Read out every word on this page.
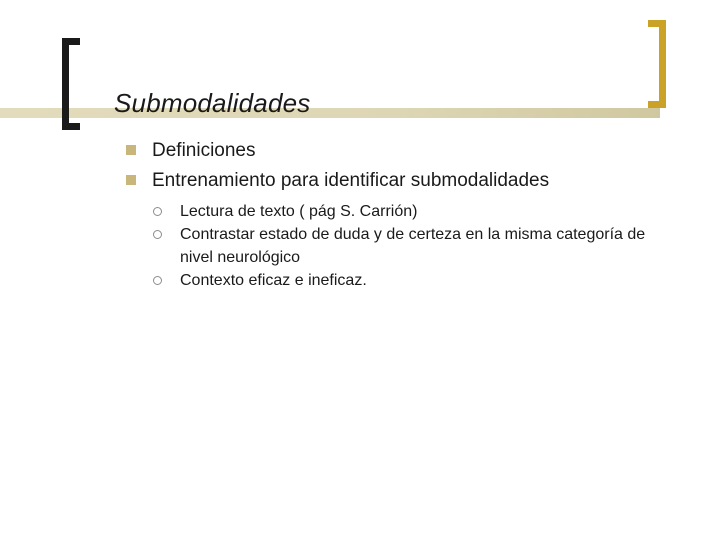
Submodalidades
Definiciones
Entrenamiento para identificar submodalidades
Lectura de texto ( pág S. Carrión)
Contrastar estado de duda y de certeza en la misma categoría de nivel neurológico
Contexto eficaz e ineficaz.
